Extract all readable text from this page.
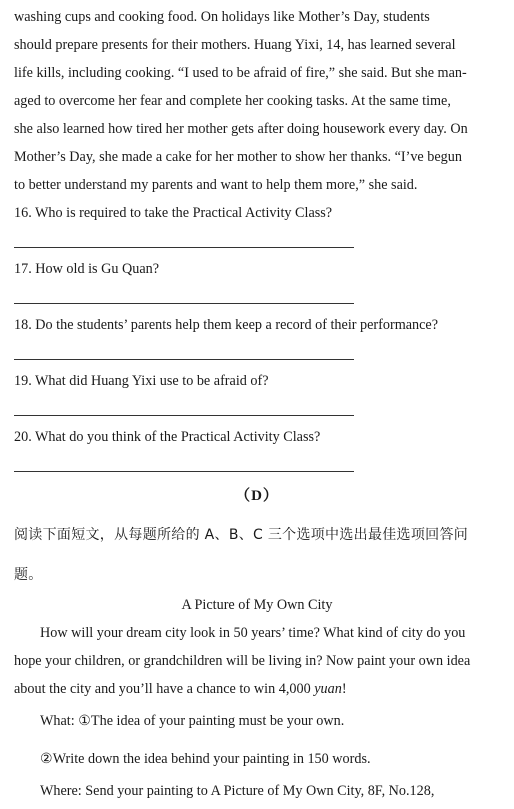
washing cups and cooking food. On holidays like Mother’s Day, students
should prepare presents for their mothers. Huang Yixi, 14, has learned several
life kills, including cooking. “I used to be afraid of fire,” she said. But she man-
aged to overcome her fear and complete her cooking tasks. At the same time,
she also learned how tired her mother gets after doing housework every day. On
Mother’s Day, she made a cake for her mother to show her thanks. “I’ve begun
to better understand my parents and want to help them more,” she said.
16. Who is required to take the Practical Activity Class?
17. How old is Gu Quan?
18. Do the students’ parents help them keep a record of their performance?
19. What did Huang Yixi use to be afraid of?
20. What do you think of the Practical Activity Class?
（D）
阅读下面短文，从每题所给的 A、B、C 三个选项中选出最佳选项回答问
题。
A Picture of My Own City
How will your dream city look in 50 years’ time? What kind of city do you
hope your children, or grandchildren will be living in? Now paint your own idea
about the city and you’ll have a chance to win 4,000 yuan!
What: ①The idea of your painting must be your own.
②Write down the idea behind your painting in 150 words.
Where: Send your painting to A Picture of My Own City, 8F, No.128,
